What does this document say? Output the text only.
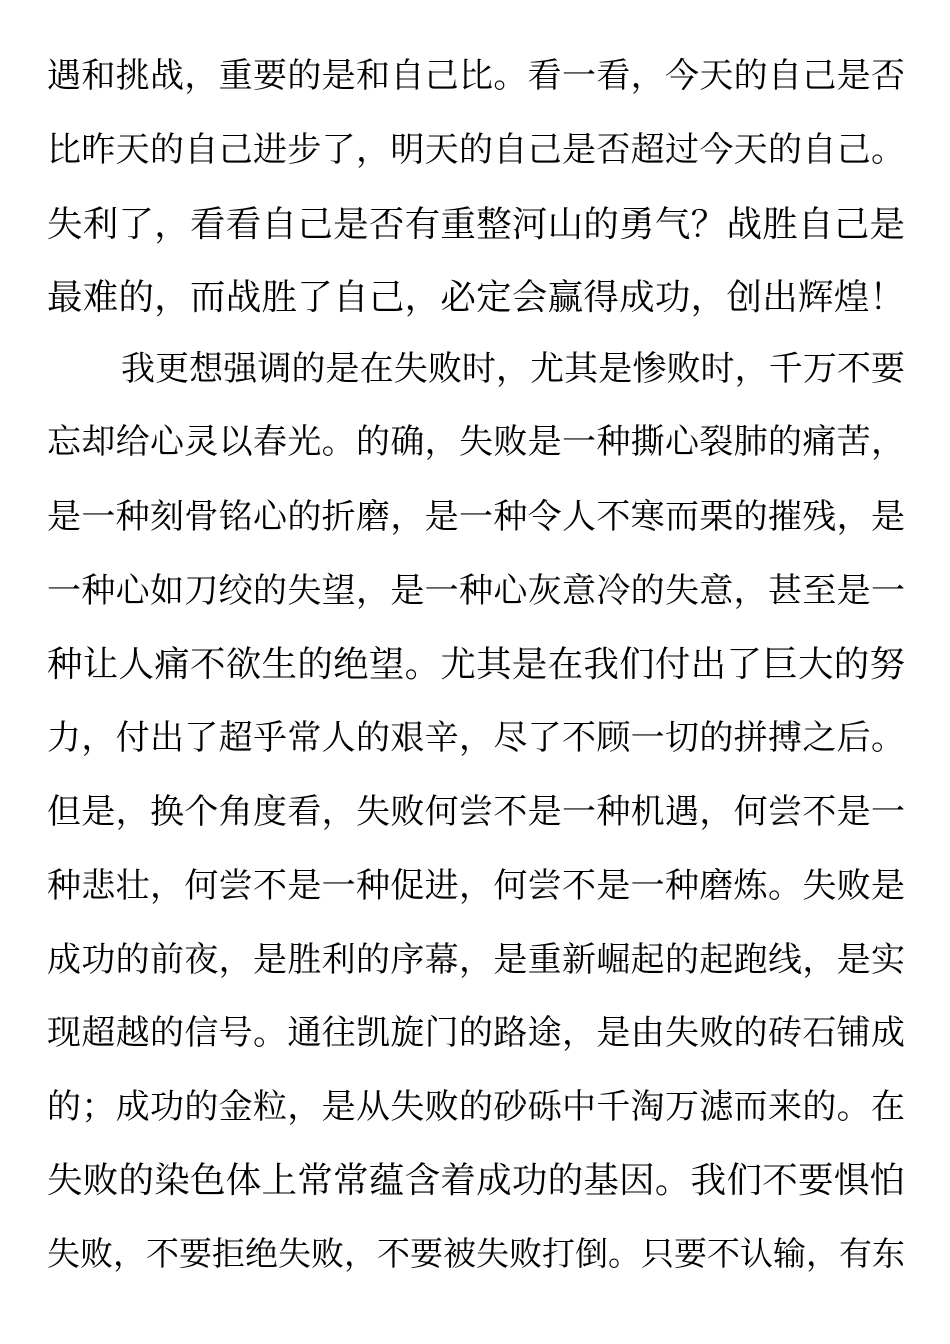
遇和挑战，重要的是和自己比。看一看，今天的自己是否
比昨天的自己进步了，明天的自己是否超过今天的自己。
失利了，看看自己是否有重整河山的勇气？战胜自己是
最难的，而战胜了自己，必定会赢得成功，创出辉煌！
我更想强调的是在失败时，尤其是惨败时，千万不要
忘却给心灵以春光。的确，失败是一种撕心裂肺的痛苦，
是一种刻骨铭心的折磨，是一种令人不寒而栗的摧残，是
一种心如刀绞的失望，是一种心灰意冷的失意，甚至是一
种让人痛不欲生的绝望。尤其是在我们付出了巨大的努
力，付出了超乎常人的艰辛，尽了不顾一切的拼搏之后。
但是，换个角度看，失败何尝不是一种机遇，何尝不是一
种悲壮，何尝不是一种促进，何尝不是一种磨炼。失败是
成功的前夜，是胜利的序幕，是重新崛起的起跑线，是实
现超越的信号。通往凯旋门的路途，是由失败的砖石铺成
的；成功的金粒，是从失败的砂砾中千淘万滤而来的。在
失败的染色体上常常蕴含着成功的基因。我们不要惧怕
失败，不要拒绝失败，不要被失败打倒。只要不认输，有东
